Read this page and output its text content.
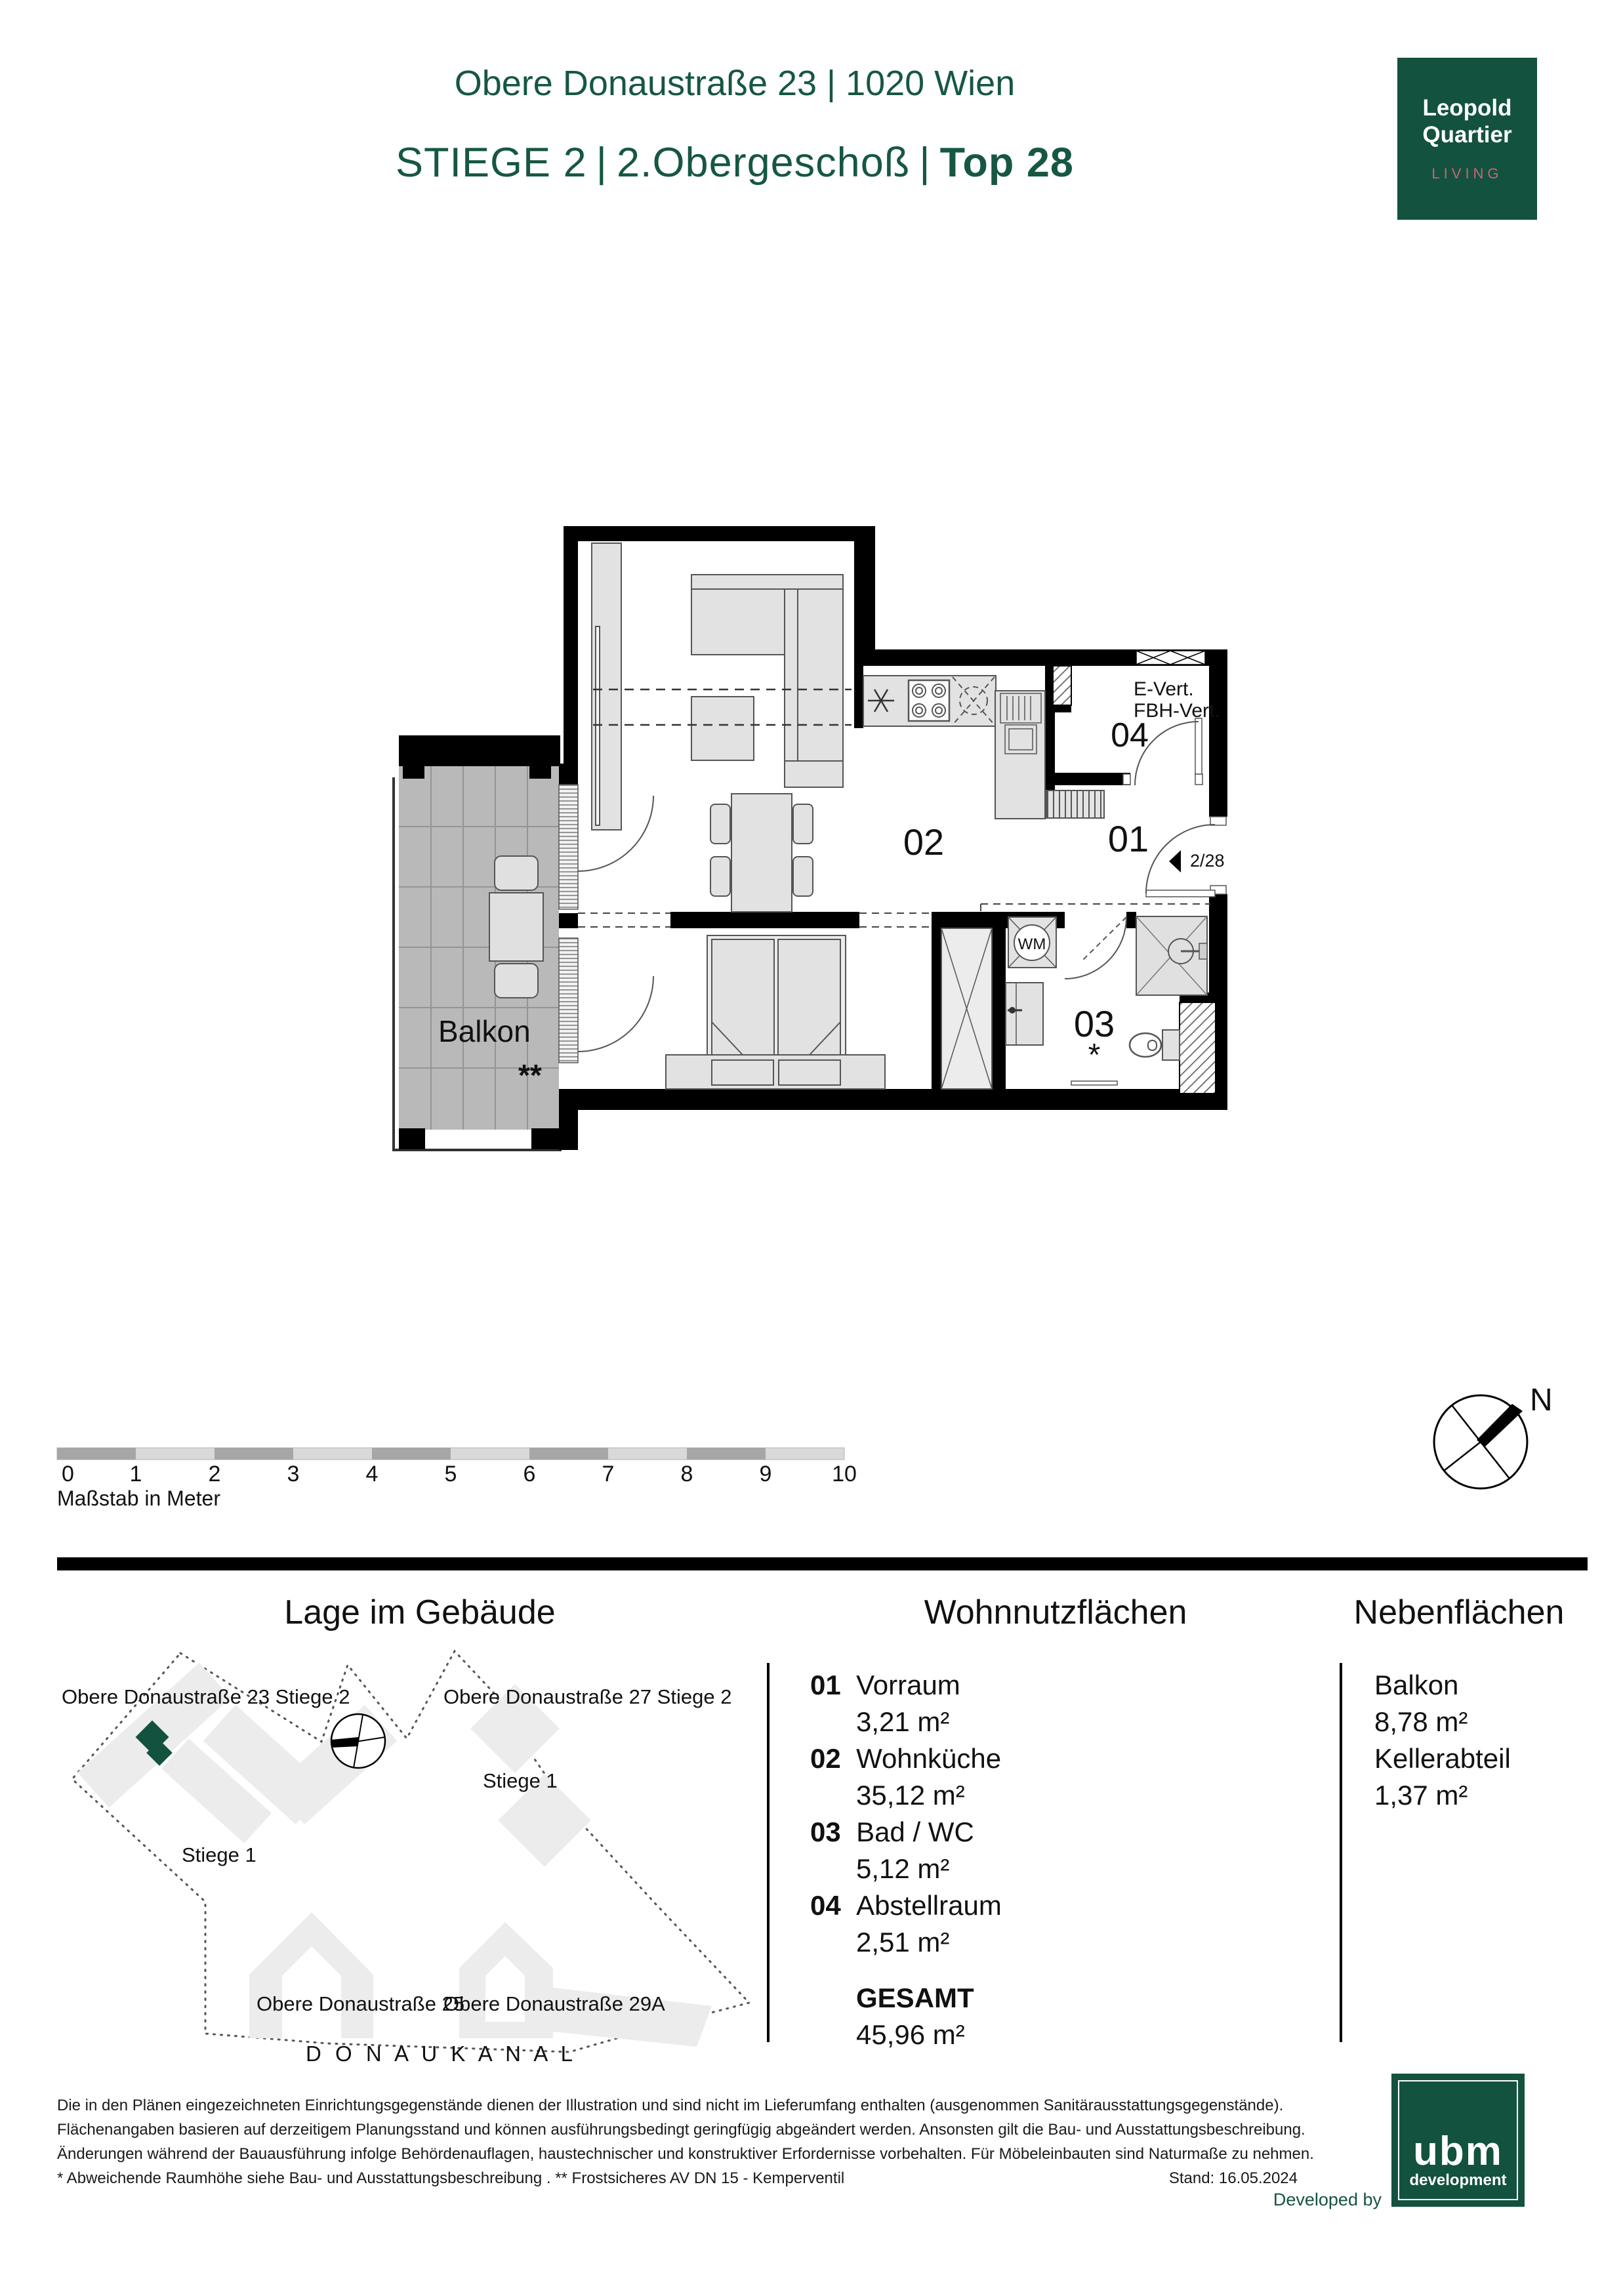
Obere Donaustraße 23 | 1020 Wien
STIEGE 2 | 2.Obergeschoß | Top 28
Leopold
Quartier
LIVING
02	01
03
04
Balkon
WM
E-Vert.
FBH-Vert.
2/28
**
*
0 1	2	3	4	5	6	7	8	9	10
Maßstab in Meter
N
Obere Donaustraße 23 Stiege 2	Obere Donaustraße 27 Stiege 2
Stiege 1
Stiege 1
Obere Donaustraße 25
Obere Donaustraße 29A
D O N A U K A N A L
Lage im Gebäude	Wohnnutzflächen	Nebenflächen
01 Vorraum
3,21 m²
02 Wohnküche
35,12 m²
03 Bad / WC
5,12 m²
04 Abstellraum
2,51 m²
GESAMT
45,96 m²
Balkon
8,78 m²
Kellerabteil
1,37 m²
Die in den Plänen eingezeichneten Einrichtungsgegenstände dienen der Illustration und sind nicht im Lieferumfang enthalten (ausgenommen Sanitärausstattungsgegenstände).
Flächenangaben basieren auf derzeitigem Planungsstand und können ausführungsbedingt geringfügig abgeändert werden. Ansonsten gilt die Bau- und Ausstattungsbeschreibung.
Änderungen während der Bauausführung infolge Behördenauflagen, haustechnischer und konstruktiver Erfordernisse vorbehalten. Für Möbeleinbauten sind Naturmaße zu nehmen.
* Abweichende Raumhöhe siehe Bau- und Ausstattungsbeschreibung . ** Frostsicheres AV DN 15 - Kemperventil	Stand: 16.05.2024
Developed by
ubm
development
